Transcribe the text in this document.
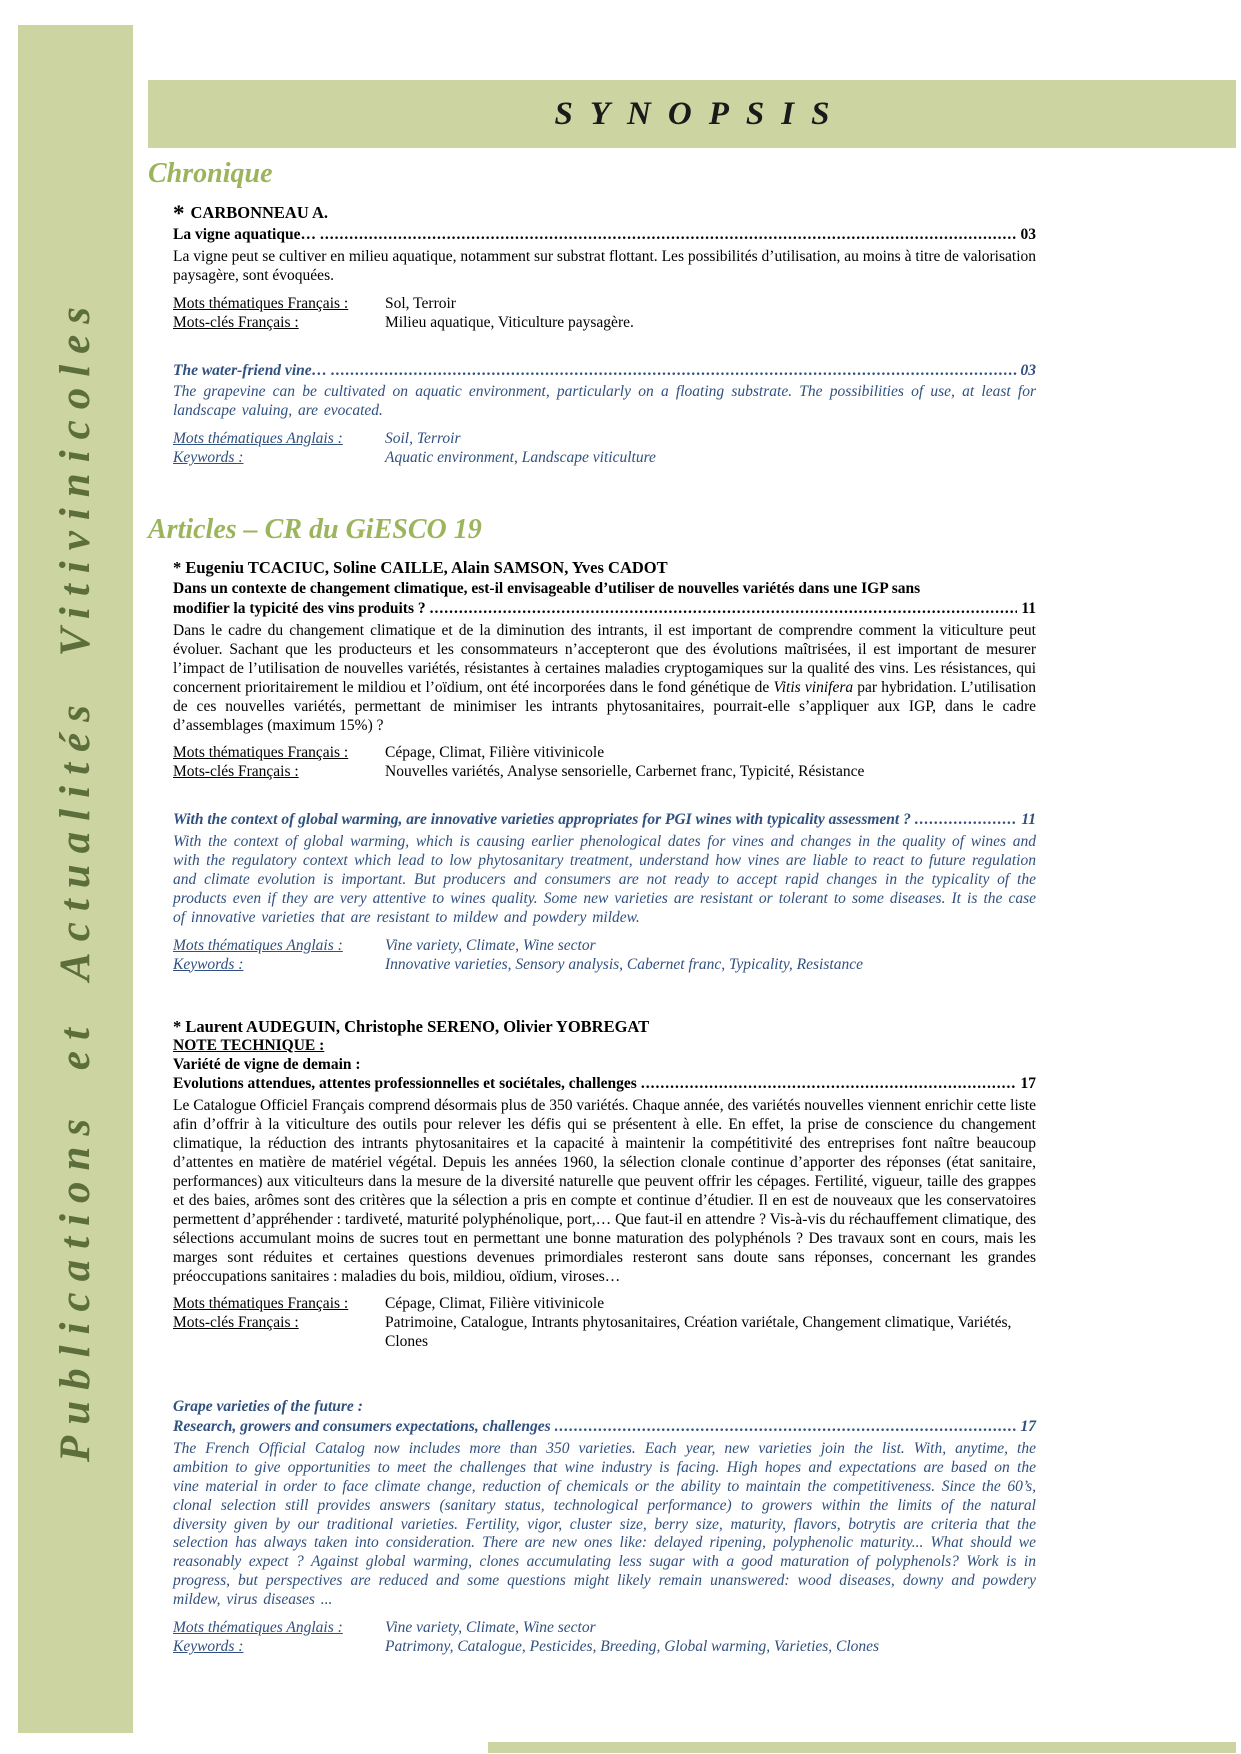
Publications et Actualités Vitivinicoles
SYNOPSIS
Chronique
* CARBONNEAU A.
La vigne aquatique… .....	03
La vigne peut se cultiver en milieu aquatique, notamment sur substrat flottant. Les possibilités d’utilisation, au moins à titre de valorisation paysagère, sont évoquées.
Mots thématiques Français :	Sol, Terroir
Mots-clés Français :	Milieu aquatique, Viticulture paysagère.
The water-friend vine… .....	03
The grapevine can be cultivated on aquatic environment, particularly on a floating substrate. The possibilities of use, at least for landscape valuing, are evocated.
Mots thématiques Anglais :	Soil, Terroir
Keywords :	Aquatic environment, Landscape viticulture
Articles – CR du GiESCO 19
* Eugeniu TCACIUC, Soline CAILLE, Alain SAMSON, Yves CADOT
Dans un contexte de changement climatique, est-il envisageable d’utiliser de nouvelles variétés dans une IGP sans
modifier la typicité des vins produits ? .....	11
Dans le cadre du changement climatique et de la diminution des intrants, il est important de comprendre comment la viticulture peut évoluer. Sachant que les producteurs et les consommateurs n’accepteront que des évolutions maîtrisées, il est important de mesurer l’impact de l’utilisation de nouvelles variétés, résistantes à certaines maladies cryptogamiques sur la qualité des vins. Les résistances, qui concernent prioritairement le mildiou et l’oïdium, ont été incorporées dans le fond génétique de Vitis vinifera par hybridation. L’utilisation de ces nouvelles variétés, permettant de minimiser les intrants phytosanitaires, pourrait-elle s’appliquer aux IGP, dans le cadre d’assemblages (maximum 15%) ?
Mots thématiques Français :	Cépage, Climat, Filière vitivinicole
Mots-clés Français :	Nouvelles variétés, Analyse sensorielle, Carbernet franc, Typicité, Résistance
With the context of global warming, are innovative varieties appropriates for PGI wines with typicality assessment ? .....	11
With the context of global warming, which is causing earlier phenological dates for vines and changes in the quality of wines and with the regulatory context which lead to low phytosanitary treatment, understand how vines are liable to react to future regulation and climate evolution is important. But producers and consumers are not ready to accept rapid changes in the typicality of the products even if they are very attentive to wines quality. Some new varieties are resistant or tolerant to some diseases. It is the case of innovative varieties that are resistant to mildew and powdery mildew.
Mots thématiques Anglais :	Vine variety, Climate, Wine sector
Keywords :	Innovative varieties, Sensory analysis, Cabernet franc, Typicality, Resistance
* Laurent AUDEGUIN, Christophe SERENO, Olivier YOBREGAT
NOTE TECHNIQUE :
Variété de vigne de demain :
Evolutions attendues, attentes professionnelles et sociétales, challenges .....	17
Le Catalogue Officiel Français comprend désormais plus de 350 variétés. Chaque année, des variétés nouvelles viennent enrichir cette liste afin d’offrir à la viticulture des outils pour relever les défis qui se présentent à elle. En effet, la prise de conscience du changement climatique, la réduction des intrants phytosanitaires et la capacité à maintenir la compétitivité des entreprises font naître beaucoup d’attentes en matière de matériel végétal. Depuis les années 1960, la sélection clonale continue d’apporter des réponses (état sanitaire, performances) aux viticulteurs dans la mesure de la diversité naturelle que peuvent offrir les cépages. Fertilité, vigueur, taille des grappes et des baies, arômes sont des critères que la sélection a pris en compte et continue d’étudier. Il en est de nouveaux que les conservatoires permettent d’appréhender : tardiveté, maturité polyphénolique, port,… Que faut-il en attendre ? Vis-à-vis du réchauffement climatique, des sélections accumulant moins de sucres tout en permettant une bonne maturation des polyphénols ? Des travaux sont en cours, mais les marges sont réduites et certaines questions devenues primordiales resteront sans doute sans réponses, concernant les grandes préoccupations sanitaires : maladies du bois, mildiou, oïdium, viroses…
Mots thématiques Français :	Cépage, Climat, Filière vitivinicole
Mots-clés Français :	Patrimoine, Catalogue, Intrants phytosanitaires, Création variétale, Changement climatique, Variétés, Clones
Grape varieties of the future :
Research, growers and consumers expectations, challenges .....	17
The French Official Catalog now includes more than 350 varieties. Each year, new varieties join the list. With, anytime, the ambition to give opportunities to meet the challenges that wine industry is facing. High hopes and expectations are based on the vine material in order to face climate change, reduction of chemicals or the ability to maintain the competitiveness. Since the 60’s, clonal selection still provides answers (sanitary status, technological performance) to growers within the limits of the natural diversity given by our traditional varieties. Fertility, vigor, cluster size, berry size, maturity, flavors, botrytis are criteria that the selection has always taken into consideration. There are new ones like: delayed ripening, polyphenolic maturity... What should we reasonably expect ? Against global warming, clones accumulating less sugar with a good maturation of polyphenols? Work is in progress, but perspectives are reduced and some questions might likely remain unanswered: wood diseases, downy and powdery mildew, virus diseases ...
Mots thématiques Anglais :	Vine variety, Climate, Wine sector
Keywords :	Patrimony, Catalogue, Pesticides, Breeding, Global warming, Varieties, Clones
